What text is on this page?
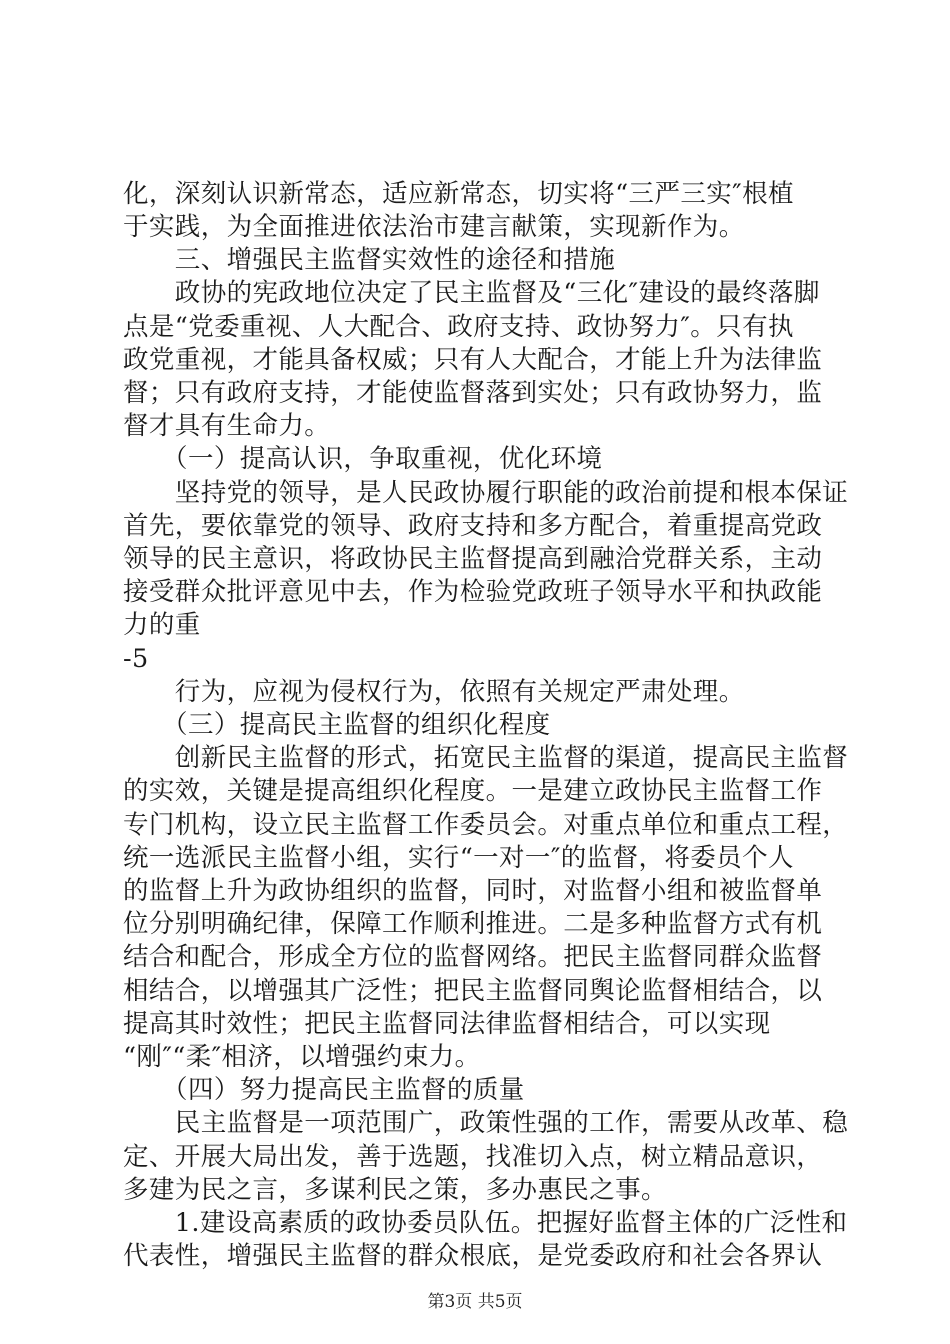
化，深刻认识新常态，适应新常态，切实将“三严三实″根植
于实践，为全面推进依法治市建言献策，实现新作为。
　　三、增强民主监督实效性的途径和措施
　　政协的宪政地位决定了民主监督及“三化″建设的最终落脚
点是“党委重视、人大配合、政府支持、政协努力″。只有执
政党重视，才能具备权威；只有人大配合，才能上升为法律监
督；只有政府支持，才能使监督落到实处；只有政协努力，监
督才具有生命力。
　　（一）提高认识，争取重视，优化环境
　　坚持党的领导，是人民政协履行职能的政治前提和根本保证
首先，要依靠党的领导、政府支持和多方配合，着重提高党政
领导的民主意识，将政协民主监督提高到融洽党群关系，主动
接受群众批评意见中去，作为检验党政班子领导水平和执政能
力的重
-5
　　行为，应视为侵权行为，依照有关规定严肃处理。
　　（三）提高民主监督的组织化程度
　　创新民主监督的形式，拓宽民主监督的渠道，提高民主监督
的实效，关键是提高组织化程度。一是建立政协民主监督工作
专门机构，设立民主监督工作委员会。对重点单位和重点工程，
统一选派民主监督小组，实行“一对一″的监督，将委员个人
的监督上升为政协组织的监督，同时，对监督小组和被监督单
位分别明确纪律，保障工作顺利推进。二是多种监督方式有机
结合和配合，形成全方位的监督网络。把民主监督同群众监督
相结合，以增强其广泛性；把民主监督同舆论监督相结合，以
提高其时效性；把民主监督同法律监督相结合，可以实现
“刚″“柔″相济，以增强约束力。
　　（四）努力提高民主监督的质量
　　民主监督是一项范围广，政策性强的工作，需要从改革、稳
定、开展大局出发，善于选题，找准切入点，树立精品意识，
多建为民之言，多谋利民之策，多办惠民之事。
　　1.建设高素质的政协委员队伍。把握好监督主体的广泛性和
代表性，增强民主监督的群众根底，是党委政府和社会各界认
第3页 共5页
